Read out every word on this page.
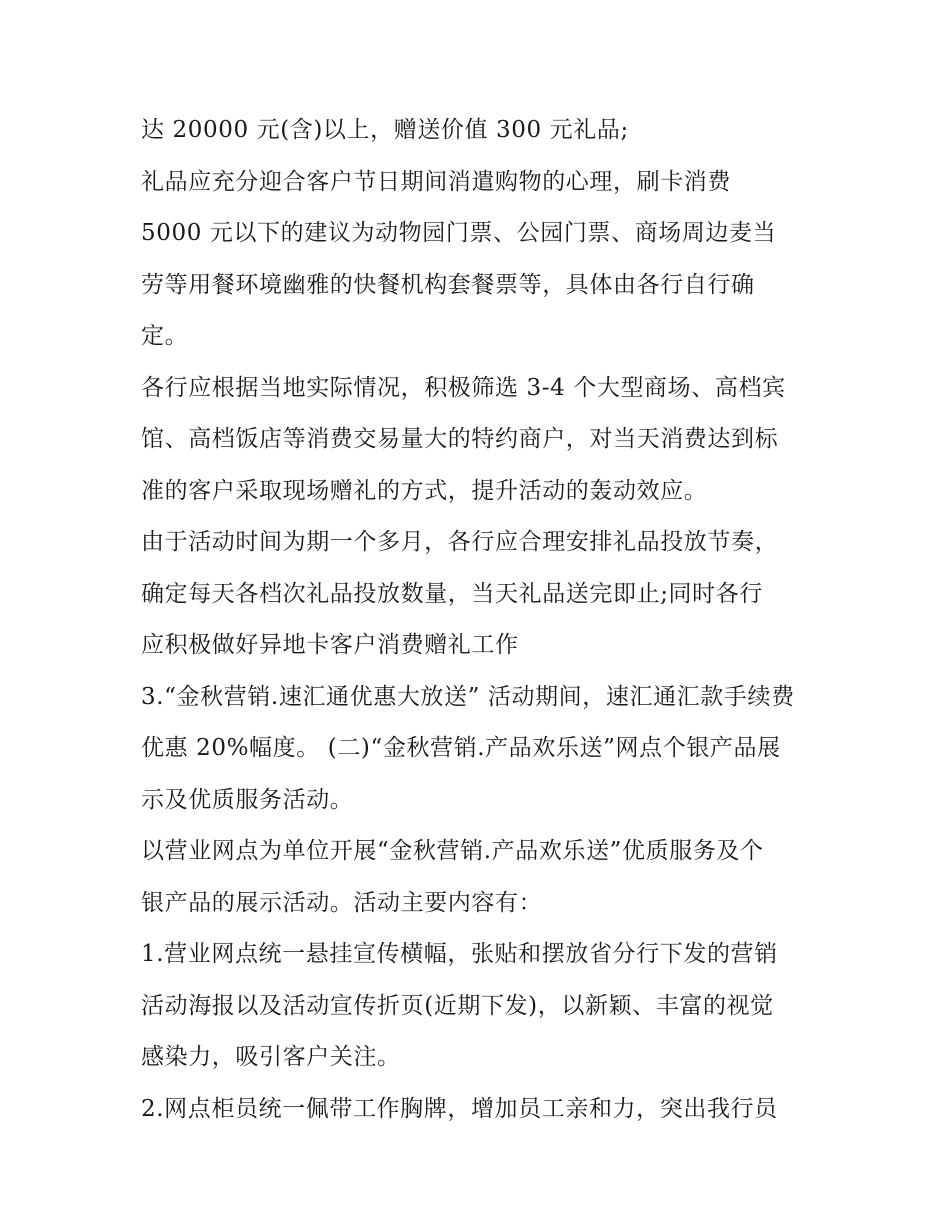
达 20000 元(含)以上，赠送价值 300 元礼品;
礼品应充分迎合客户节日期间消遣购物的心理，刷卡消费
5000 元以下的建议为动物园门票、公园门票、商场周边麦当
劳等用餐环境幽雅的快餐机构套餐票等，具体由各行自行确
定。
各行应根据当地实际情况，积极筛选 3-4 个大型商场、高档宾
馆、高档饭店等消费交易量大的特约商户，对当天消费达到标
准的客户采取现场赠礼的方式，提升活动的轰动效应。
由于活动时间为期一个多月，各行应合理安排礼品投放节奏，
确定每天各档次礼品投放数量，当天礼品送完即止;同时各行
应积极做好异地卡客户消费赠礼工作
3.“金秋营销.速汇通优惠大放送” 活动期间，速汇通汇款手续费
优惠 20%幅度。 (二)“金秋营销.产品欢乐送”网点个银产品展
示及优质服务活动。
以营业网点为单位开展“金秋营销.产品欢乐送”优质服务及个
银产品的展示活动。活动主要内容有：
1.营业网点统一悬挂宣传横幅，张贴和摆放省分行下发的营销
活动海报以及活动宣传折页(近期下发)，以新颖、丰富的视觉
感染力，吸引客户关注。
2.网点柜员统一佩带工作胸牌，增加员工亲和力，突出我行员
